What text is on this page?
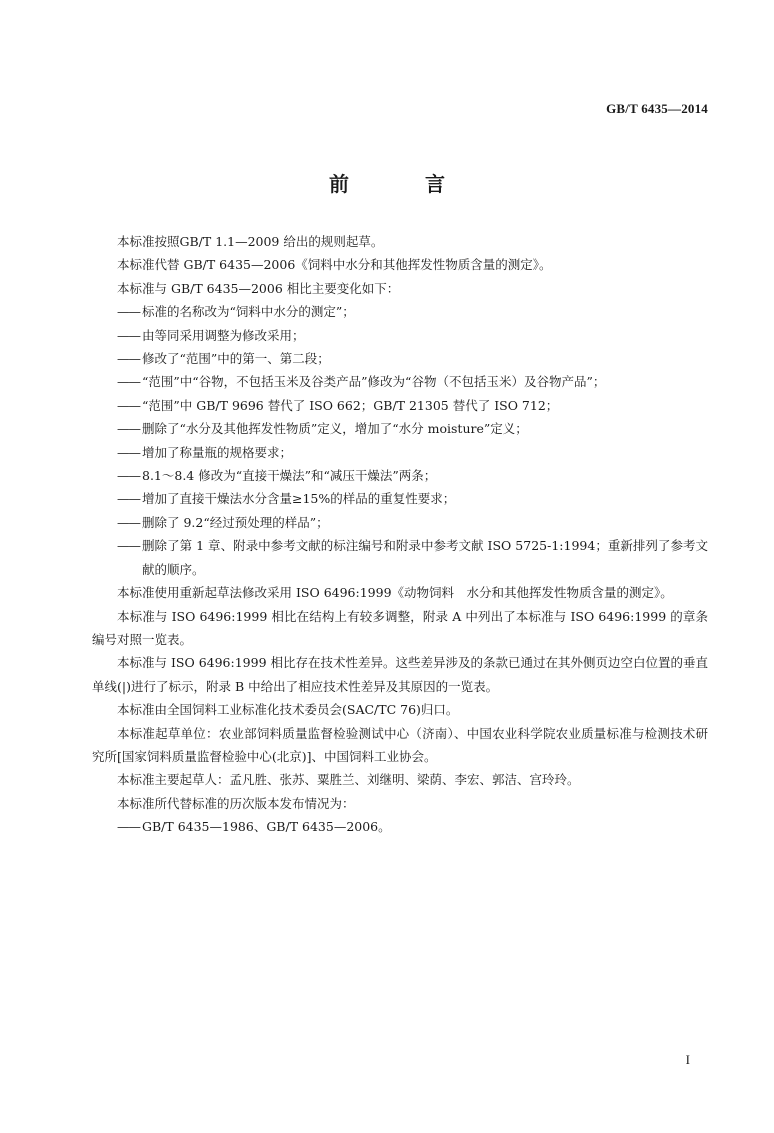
GB/T 6435—2014
前　言

本标准按照GB/T 1.1—2009 给出的规则起草。

本标准代替 GB/T 6435—2006《饲料中水分和其他挥发性物质含量的测定》。

本标准与 GB/T 6435—2006 相比主要变化如下：

—— 标准的名称改为“饲料中水分的测定”；

—— 由等同采用调整为修改采用；

—— 修改了“范围”中的第一、第二段；

—— “范围”中“谷物，不包括玉米及谷类产品”修改为“谷物（不包括玉米）及谷物产品”；

—— “范围”中 GB/T 9696 替代了 ISO 662；GB/T 21305 替代了 ISO 712；

—— 删除了“水分及其他挥发性物质”定义，增加了“水分 moisture”定义；

—— 增加了称量瓶的规格要求；

—— 8.1～8.4 修改为“直接干燥法”和“减压干燥法”两条；

—— 增加了直接干燥法水分含量≥15%的样品的重复性要求；

—— 删除了 9.2“经过预处理的样品”；

—— 删除了第 1 章、附录中参考文献的标注编号和附录中参考文献 ISO 5725-1:1994；重新排列了参考文献的顺序。

本标准使用重新起草法修改采用 ISO 6496:1999《动物饲料　水分和其他挥发性物质含量的测定》。

本标准与 ISO 6496:1999 相比在结构上有较多调整，附录 A 中列出了本标准与 ISO 6496:1999 的章条编号对照一览表。

本标准与 ISO 6496:1999 相比存在技术性差异。这些差异涉及的条款已通过在其外侧页边空白位置的垂直单线(|)进行了标示，附录 B 中给出了相应技术性差异及其原因的一览表。

本标准由全国饲料工业标准化技术委员会(SAC/TC 76)归口。

本标准起草单位：农业部饲料质量监督检验测试中心（济南）、中国农业科学院农业质量标准与检测技术研究所[国家饲料质量监督检验中心(北京)]、中国饲料工业协会。

本标准主要起草人：孟凡胜、张苏、粟胜兰、刘继明、梁荫、李宏、郭洁、宫玲玲。

本标准所代替标准的历次版本发布情况为：

—— GB/T 6435—1986、GB/T 6435—2006。

I
